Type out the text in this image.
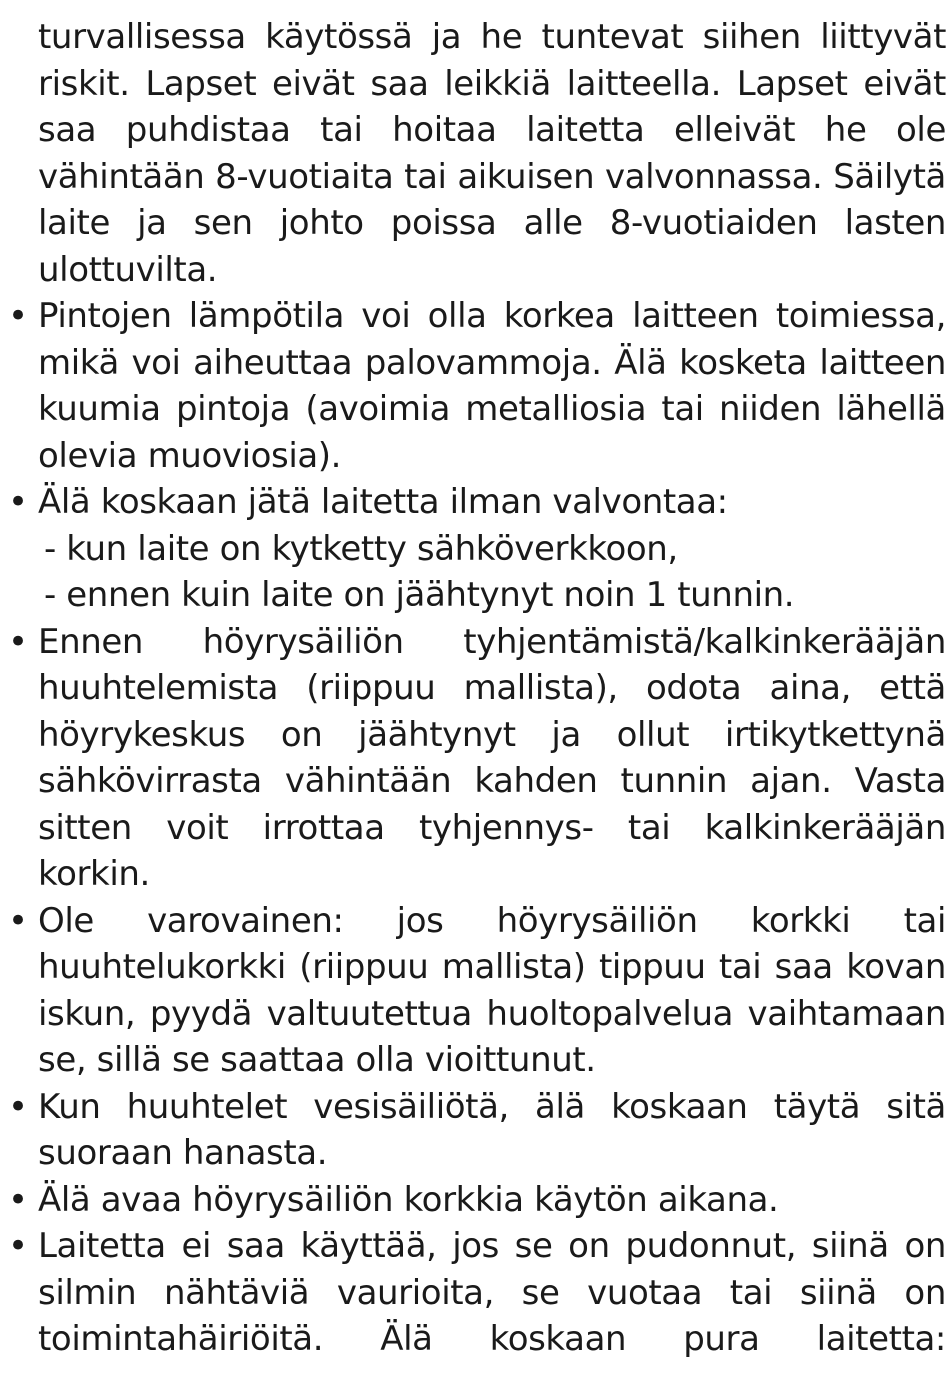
turvallisessa käytössä ja he tuntevat siihen liittyvät riskit. Lapset eivät saa leikkiä laitteella. Lapset eivät saa puhdistaa tai hoitaa laitetta elleivät he ole vähintään 8-vuotiaita tai aikuisen valvonnassa. Säilytä laite ja sen johto poissa alle 8-vuotiaiden lasten ulottuvilta.

• Pintojen lämpötila voi olla korkea laitteen toimiessa, mikä voi aiheuttaa palovammoja. Älä kosketa laitteen kuumia pintoja (avoimia metalliosia tai niiden lähellä olevia muoviosia).
• Älä koskaan jätä laitetta ilman valvontaa:
- kun laite on kytketty sähköverkkoon,
- ennen kuin laite on jäähtynyt noin 1 tunnin.
• Ennen höyrysäiliön tyhjentämistä/kalkinkerääjän huuhtelemista (riippuu mallista), odota aina, että höyrykeskus on jäähtynyt ja ollut irtikytkettynä sähkövirrasta vähintään kahden tunnin ajan. Vasta sitten voit irrottaa tyhjennys- tai kalkinkerääjän korkin.
• Ole varovainen: jos höyrysäiliön korkki tai huuhtelukorkki (riippuu mallista) tippuu tai saa kovan iskun, pyydä valtuutettua huoltopalvelua vaihtamaan se, sillä se saattaa olla vioittunut.
• Kun huuhtelet vesisäiliötä, älä koskaan täytä sitä suoraan hanasta.
• Älä avaa höyrysäiliön korkkia käytön aikana.
• Laitetta ei saa käyttää, jos se on pudonnut, siinä on silmin nähtäviä vaurioita, se vuotaa tai siinä on toimintahäiriöitä. Älä koskaan pura laitetta:
